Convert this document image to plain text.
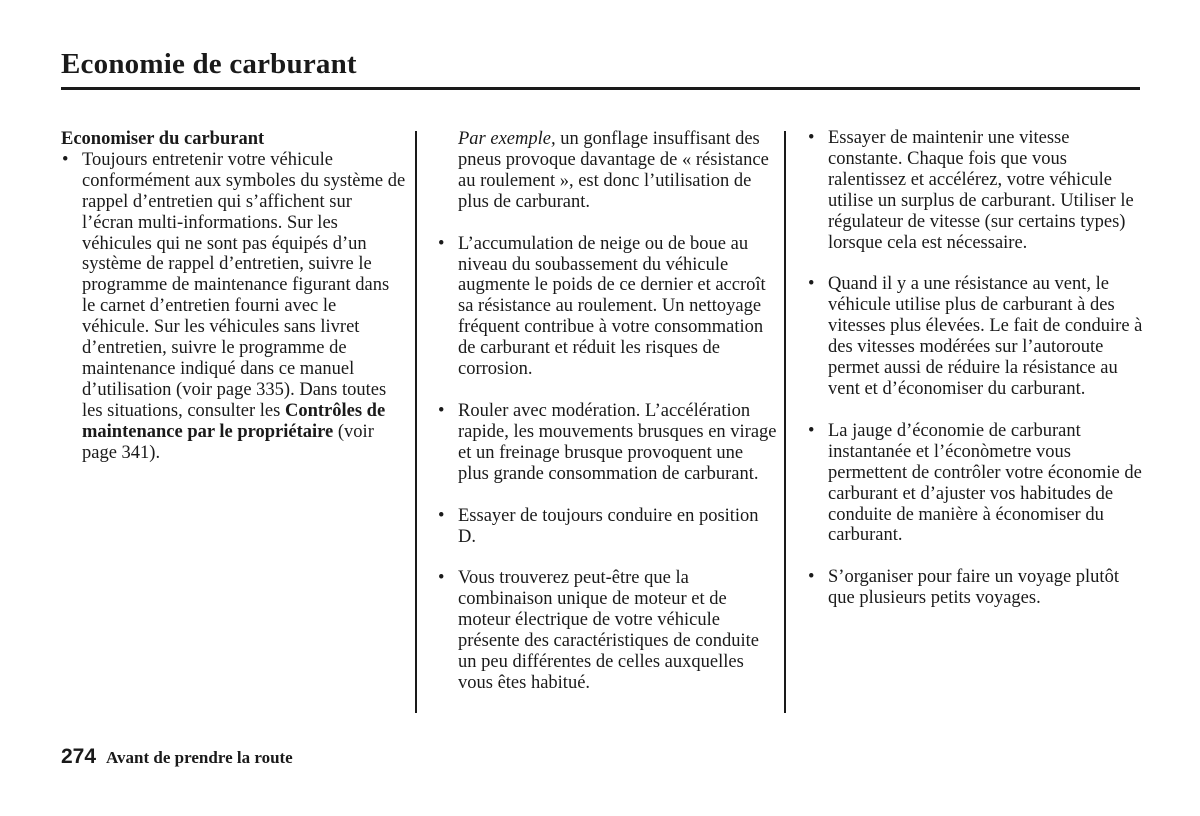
Economie de carburant

Economiser du carburant

• Toujours entretenir votre véhicule conformément aux symboles du système de rappel d’entretien qui s’affichent sur l’écran multi-informations. Sur les véhicules qui ne sont pas équipés d’un système de rappel d’entretien, suivre le programme de maintenance figurant dans le carnet d’entretien fourni avec le véhicule. Sur les véhicules sans livret d’entretien, suivre le programme de maintenance indiqué dans ce manuel d’utilisation (voir page 335). Dans toutes les situations, consulter les Contrôles de maintenance par le propriétaire (voir page 341).
Par exemple, un gonflage insuffisant des pneus provoque davantage de « résistance au roulement », est donc l’utilisation de plus de carburant.
• L’accumulation de neige ou de boue au niveau du soubassement du véhicule augmente le poids de ce dernier et accroît sa résistance au roulement. Un nettoyage fréquent contribue à votre consommation de carburant et réduit les risques de corrosion.
• Rouler avec modération. L’accélération rapide, les mouvements brusques en virage et un freinage brusque provoquent une plus grande consommation de carburant.
• Essayer de toujours conduire en position D.
• Vous trouverez peut-être que la combinaison unique de moteur et de moteur électrique de votre véhicule présente des caractéristiques de conduite un peu différentes de celles auxquelles vous êtes habitué.
• Essayer de maintenir une vitesse constante. Chaque fois que vous ralentissez et accélérez, votre véhicule utilise un surplus de carburant. Utiliser le régulateur de vitesse (sur certains types) lorsque cela est nécessaire.
• Quand il y a une résistance au vent, le véhicule utilise plus de carburant à des vitesses plus élevées. Le fait de conduire à des vitesses modérées sur l’autoroute permet aussi de réduire la résistance au vent et d’économiser du carburant.
• La jauge d’économie de carburant instantanée et l’éconòmetre vous permettent de contrôler votre économie de carburant et d’ajuster vos habitudes de conduite de manière à économiser du carburant.
• S’organiser pour faire un voyage plutôt que plusieurs petits voyages.
274 Avant de prendre la route
